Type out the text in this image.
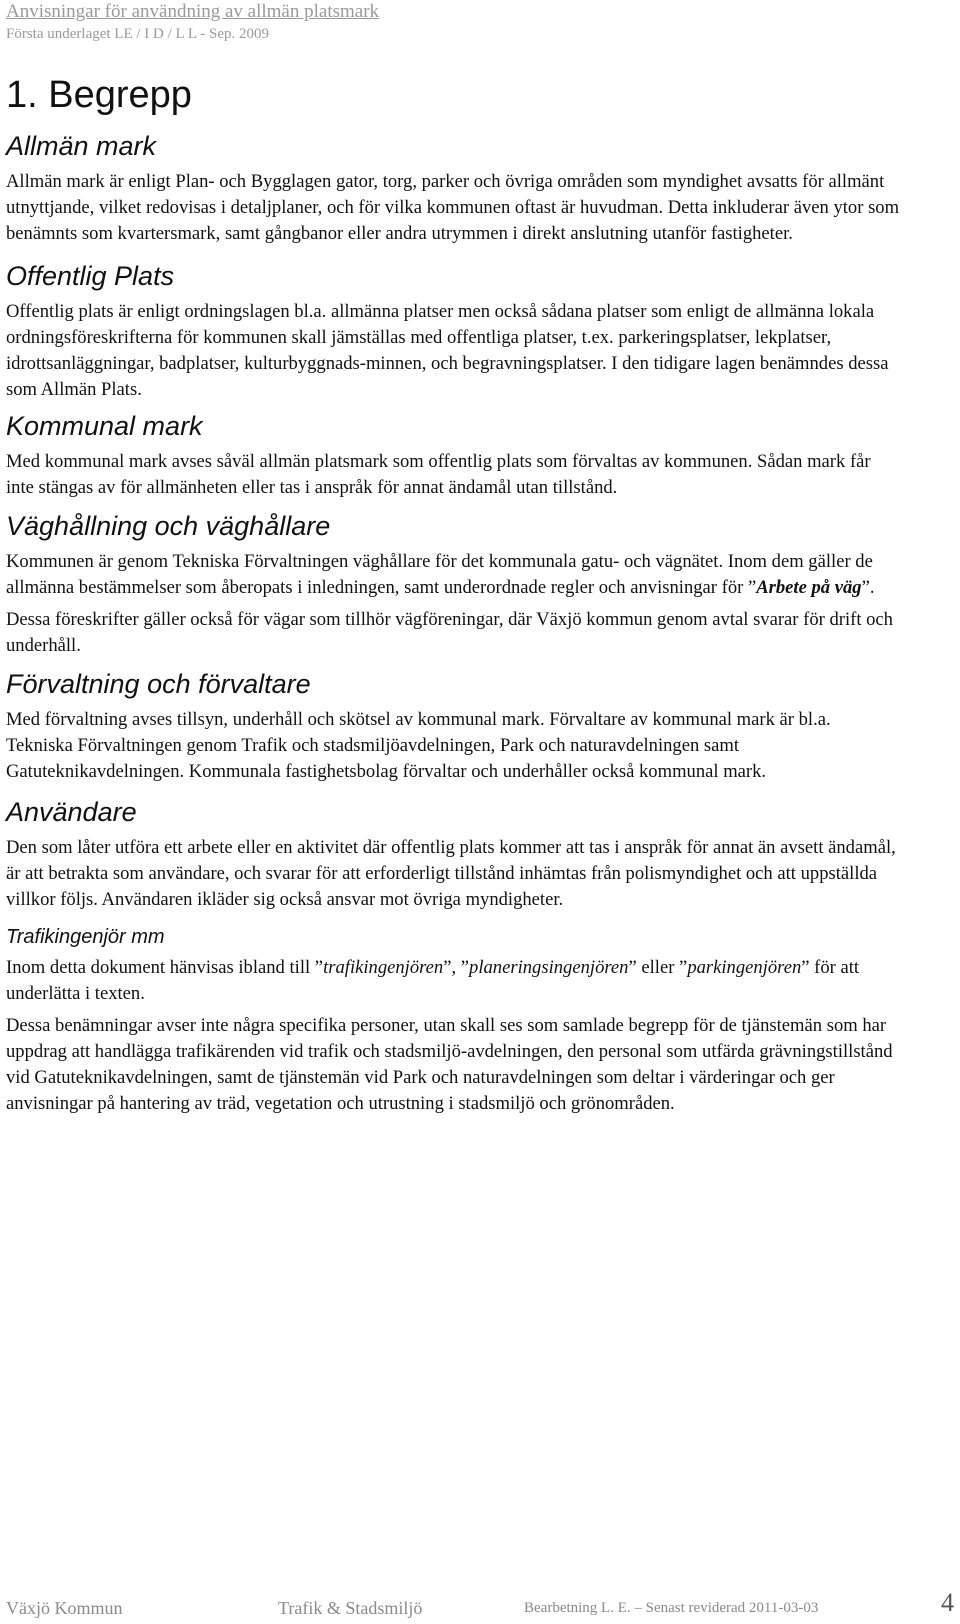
Anvisningar för användning av allmän platsmark
Första underlaget LE / I D / L L - Sep. 2009
1. Begrepp
Allmän mark

Allmän mark är enligt Plan- och Bygglagen gator, torg, parker och övriga områden som myndighet avsatts för allmänt utnyttjande, vilket redovisas i detaljplaner, och för vilka kommunen oftast är huvudman. Detta inkluderar även ytor som benämnts som kvartersmark, samt gångbanor eller andra utrymmen i direkt anslutning utanför fastigheter.

Offentlig Plats

Offentlig plats är enligt ordningslagen bl.a. allmänna platser men också sådana platser som enligt de allmänna lokala ordningsföreskrifterna för kommunen skall jämställas med offentliga platser, t.ex. parkeringsplatser, lekplatser, idrottsanläggningar, badplatser, kulturbyggnads-minnen, och begravningsplatser. I den tidigare lagen benämndes dessa som Allmän Plats.

Kommunal mark

Med kommunal mark avses såväl allmän platsmark som offentlig plats som förvaltas av kommunen. Sådan mark får inte stängas av för allmänheten eller tas i anspråk för annat ändamål utan tillstånd.

Väghållning och väghållare

Kommunen är genom Tekniska Förvaltningen väghållare för det kommunala gatu- och vägnätet. Inom dem gäller de allmänna bestämmelser som åberopats i inledningen, samt underordnade regler och anvisningar för ”Arbete på väg”.

Dessa föreskrifter gäller också för vägar som tillhör vägföreningar, där Växjö kommun genom avtal svarar för drift och underhåll.

Förvaltning och förvaltare

Med förvaltning avses tillsyn, underhåll och skötsel av kommunal mark. Förvaltare av kommunal mark är bl.a. Tekniska Förvaltningen genom Trafik och stadsmiljöavdelningen, Park och naturavdelningen samt Gatuteknikavdelningen. Kommunala fastighetsbolag förvaltar och underhåller också kommunal mark.

Användare

Den som låter utföra ett arbete eller en aktivitet där offentlig plats kommer att tas i anspråk för annat än avsett ändamål, är att betrakta som användare, och svarar för att erforderligt tillstånd inhämtas från polismyndighet och att uppställda villkor följs. Användaren ikläder sig också ansvar mot övriga myndigheter.

Trafikingenjör mm

Inom detta dokument hänvisas ibland till ”trafikingenjören”, ”planeringsingenjören” eller ”parkingenjören” för att underlätta i texten.

Dessa benämningar avser inte några specifika personer, utan skall ses som samlade begrepp för de tjänstemän som har uppdrag att handlägga trafikärenden vid trafik och stadsmiljö-avdelningen, den personal som utfärda grävningstillstånd vid Gatuteknikavdelningen, samt de tjänstemän vid Park och naturavdelningen som deltar i värderingar och ger anvisningar på hantering av träd, vegetation och utrustning i stadsmiljö och grönområden.

Växjö Kommun	Trafik & Stadsmiljö	Bearbetning L. E. – Senast reviderad 2011-03-03	4
